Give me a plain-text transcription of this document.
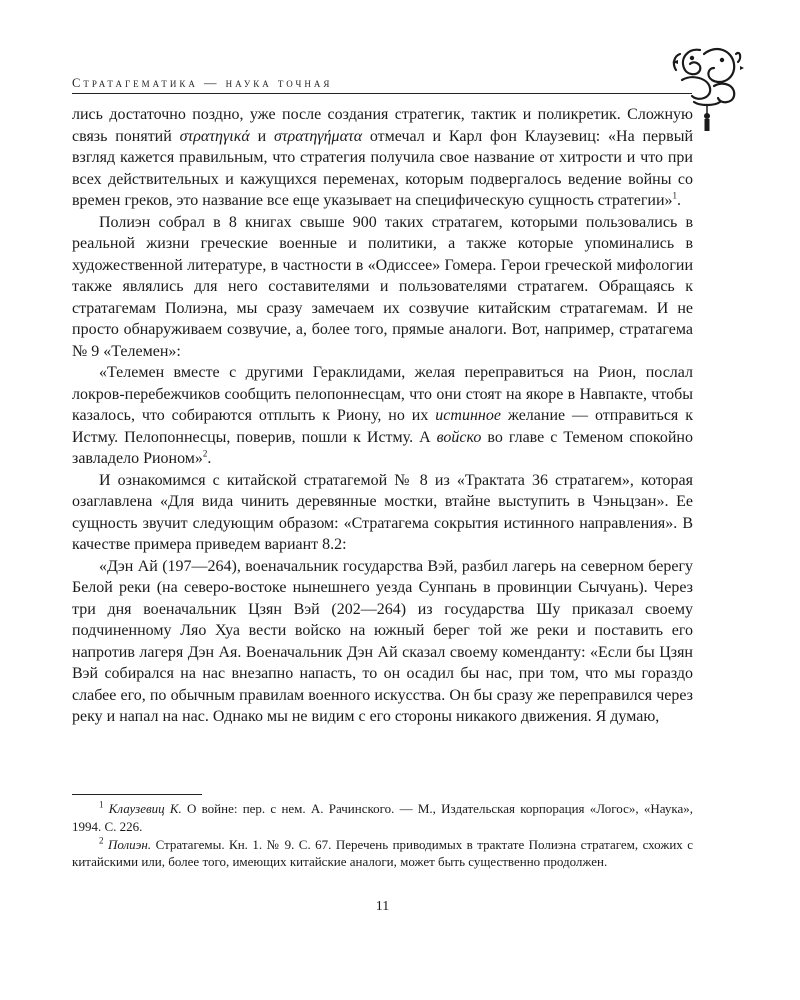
Стратагематика — наука точная

лись достаточно поздно, уже после создания стратегик, тактик и поликретик. Сложную связь понятий στρατηγικά и στρατηγήματα отмечал и Карл фон Клаузевиц: «На первый взгляд кажется правильным, что стратегия получила свое название от хитрости и что при всех действительных и кажущихся переменах, которым подвергалось ведение войны со времен греков, это название все еще указывает на специфическую сущность стратегии»$^1$.

Полиэн собрал в 8 книгах свыше 900 таких стратагем, которыми пользовались в реальной жизни греческие военные и политики, а также которые упоминались в художественной литературе, в частности в «Одиссее» Гомера. Герои греческой мифологии также являлись для него составителями и пользователями стратагем. Обращаясь к стратагемам Полиэна, мы сразу замечаем их созвучие китайским стратагемам. И не просто обнаруживаем созвучие, а, более того, прямые аналоги. Вот, например, стратагема № 9 «Телемен»:

«Телемен вместе с другими Гераклидами, желая переправиться на Рион, послал локров-перебежчиков сообщить пелопоннесцам, что они стоят на якоре в Навпакте, чтобы казалось, что собираются отплыть к Риону, но их истинное желание — отправиться к Истму. Пелопоннесцы, поверив, пошли к Истму. А войско во главе с Теменом спокойно завладело Рионом»$^2$.

И ознакомимся с китайской стратагемой № 8 из «Трактата 36 стратагем», которая озаглавлена «Для вида чинить деревянные мостки, втайне выступить в Чэньцзан». Ее сущность звучит следующим образом: «Стратагема сокрытия истинного направления». В качестве примера приведем вариант 8.2:

«Дэн Ай (197—264), военачальник государства Вэй, разбил лагерь на северном берегу Белой реки (на северо-востоке нынешнего уезда Сунпань в провинции Сычуань). Через три дня военачальник Цзян Вэй (202—264) из государства Шу приказал своему подчиненному Ляо Хуа вести войско на южный берег той же реки и поставить его напротив лагеря Дэн Ая. Военачальник Дэн Ай сказал своему коменданту: «Если бы Цзян Вэй собирался на нас внезапно напасть, то он осадил бы нас, при том, что мы гораздо слабее его, по обычным правилам военного искусства. Он бы сразу же переправился через реку и напал на нас. Однако мы не видим с его стороны никакого движения. Я думаю,

$^1$ Клаузевиц К. О войне: пер. с нем. А. Рачинского. — М., Издательская корпорация «Логос», «Наука», 1994. С. 226.

$^2$ Полиэн. Стратагемы. Кн. 1. № 9. С. 67. Перечень приводимых в трактате Полиэна стратагем, схожих с китайскими или, более того, имеющих китайские аналоги, может быть существенно продолжен.

11
